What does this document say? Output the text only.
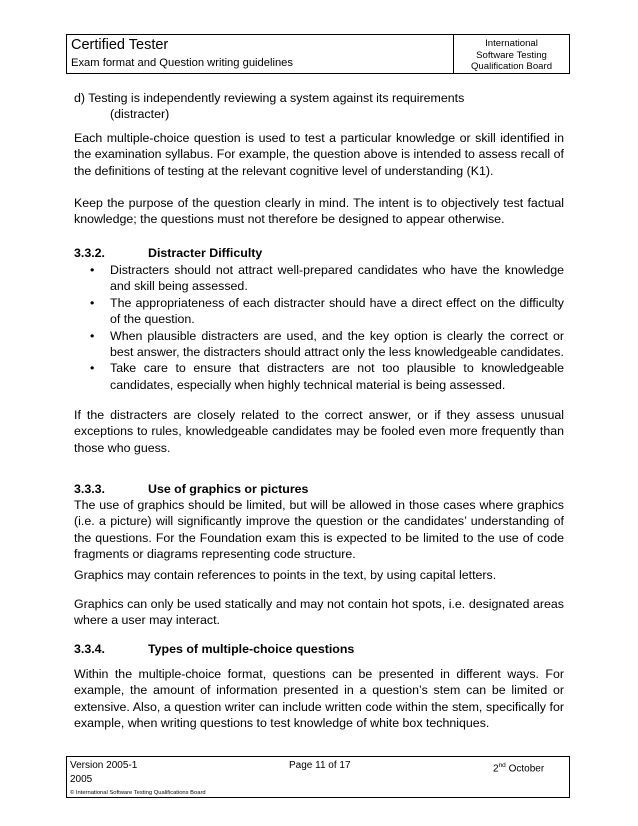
Certified Tester
Exam format and Question writing guidelines
International
Software Testing
Qualification Board
d) Testing is independently reviewing a system against its requirements
(distracter)

Each multiple-choice question is used to test a particular knowledge or skill identified in the examination syllabus. For example, the question above is intended to assess recall of the definitions of testing at the relevant cognitive level of understanding (K1).

Keep the purpose of the question clearly in mind. The intent is to objectively test factual knowledge; the questions must not therefore be designed to appear otherwise.

3.3.2.	Distracter Difficulty
• Distracters should not attract well-prepared candidates who have the knowledge and skill being assessed.
• The appropriateness of each distracter should have a direct effect on the difficulty of the question.
• When plausible distracters are used, and the key option is clearly the correct or best answer, the distracters should attract only the less knowledgeable candidates.
• Take care to ensure that distracters are not too plausible to knowledgeable candidates, especially when highly technical material is being assessed.

If the distracters are closely related to the correct answer, or if they assess unusual exceptions to rules, knowledgeable candidates may be fooled even more frequently than those who guess.

3.3.3.	Use of graphics or pictures

The use of graphics should be limited, but will be allowed in those cases where graphics (i.e. a picture) will significantly improve the question or the candidates’ understanding of the questions. For the Foundation exam this is expected to be limited to the use of code fragments or diagrams representing code structure.

Graphics may contain references to points in the text, by using capital letters.

Graphics can only be used statically and may not contain hot spots, i.e. designated areas where a user may interact.

3.3.4.	Types of multiple-choice questions

Within the multiple-choice format, questions can be presented in different ways. For example, the amount of information presented in a question’s stem can be limited or extensive. Also, a question writer can include written code within the stem, specifically for example, when writing questions to test knowledge of white box techniques.

Version 2005-1
2005
Page 11 of 17	2nd October
© International Software Testing Qualifications Board
